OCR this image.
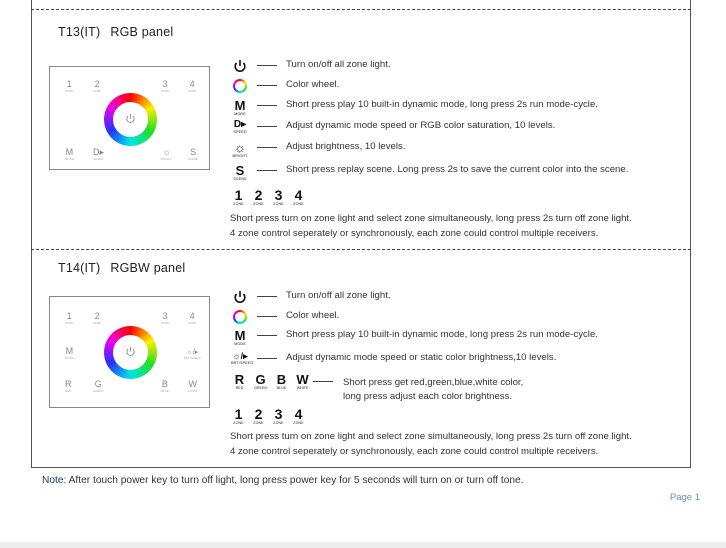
T13(IT) RGB panel
1
ZONE
2
ZONE
3
ZONE
4
ZONE
M
MODE
D▸
SPEED
☼
BRIGHT
S
SCENE
Turn on/off all zone light.
Color wheel.
M
MODE
Short press play 10 built-in dynamic mode, long press 2s run mode-cycle.
D▸
SPEED
Adjust dynamic mode speed or RGB color saturation, 10 levels.
☼
BRIGHT
Adjust brightness, 10 levels.
S
SCENE
Short press replay scene. Long press 2s to save the current color into the scene.
1
ZONE
2
ZONE
3
ZONE
4
ZONE
Short press turn on zone light and select zone simultaneously, long press 2s turn off zone light.
4 zone control seperately or synchronously, each zone could control multiple receivers.
T14(IT) RGBW panel
1
ZONE
2
ZONE
3
ZONE
4
ZONE
M
MODE
☼/▸
BRT/SPEED
R
RED
G
GREEN
B
BLUE
W
WHITE
Turn on/off all zone light.
Color wheel.
M
MODE
Short press play 10 built-in dynamic mode, long press 2s run mode-cycle.
☼/▸
BRT/SPEED	Adjust dynamic mode speed or static color brightness,10 levels.
R
RED
G
GREEN
B
BLUE
W
WHITE	Short press get red,green,blue,white color,
long press adjust each color brightness.
1
ZONE
2
ZONE
3
ZONE
4
ZONE
Short press turn on zone light and select zone simultaneously, long press 2s turn off zone light.
4 zone control seperately or synchronously, each zone could control multiple receivers.
Note: After touch power key to turn off light, long press power key for 5 seconds will turn on or turn off tone.
Page 1
